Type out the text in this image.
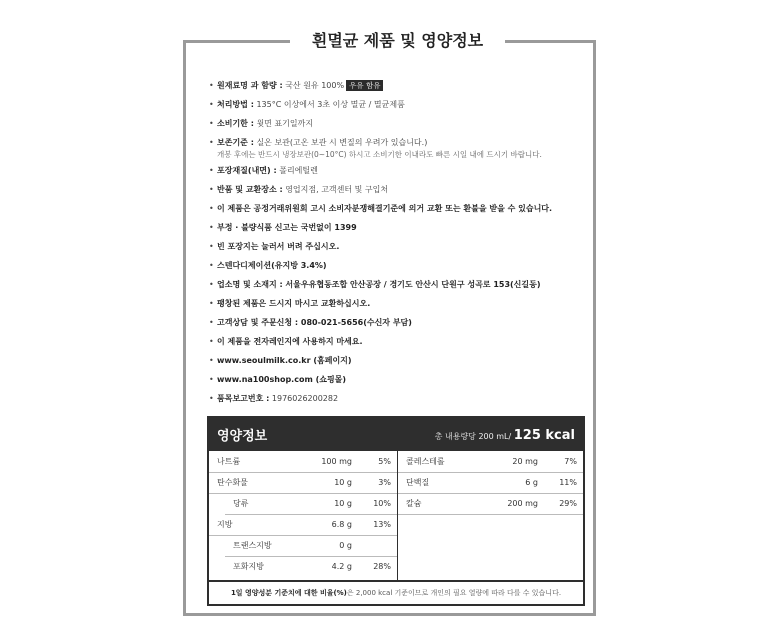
흰멸균 제품 및 영양정보
• 원재료명 과 함량 : 국산 원유 100% 우유 함유
• 처리방법 : 135°C 이상에서 3초 이상 멸균 / 멸균제품
• 소비기한 : 윗면 표기일까지
• 보존기준 : 실온 보관(고온 보관 시 변질의 우려가 있습니다.)
개봉 후에는 반드시 냉장보관(0~10°C) 하시고 소비기한 이내라도 빠른 시일 내에 드시기 바랍니다.
• 포장재질(내면) : 폴리에틸렌
• 반품 및 교환장소 : 영업지점, 고객센터 및 구입처
• 이 제품은 공정거래위원회 고시 소비자분쟁해결기준에 의거 교환 또는 환불을 받을 수 있습니다.
• 부정 · 불량식품 신고는 국번없이 1399
• 빈 포장지는 눌러서 버려 주십시오.
• 스텐다디제이션(유지방 3.4%)
• 업소명 및 소재지 : 서울우유협동조합 안산공장 / 경기도 안산시 단원구 성곡로 153(신길동)
• 팽창된 제품은 드시지 마시고 교환하십시오.
• 고객상담 및 주문신청 : 080-021-5656(수신자 부담)
• 이 제품을 전자레인지에 사용하지 마세요.
• www.seoulmilk.co.kr (홈페이지)
• www.na100shop.com (쇼핑몰)
• 품목보고번호 : 1976026200282
영양정보	총 내용량당 200 mL/ 125 kcal
나트륨	100 mg	5%
탄수화물	10 g	3%
당류	10 g	10%
지방	6.8 g	13%
트랜스지방	0 g
포화지방	4.2 g	28%
콜레스테롤	20 mg	7%
단백질	6 g	11%
칼슘	200 mg	29%
1일 영양성분 기준치에 대한 비율(%)은 2,000 kcal 기준이므로 개인의 필요 열량에 따라 다를 수 있습니다.
